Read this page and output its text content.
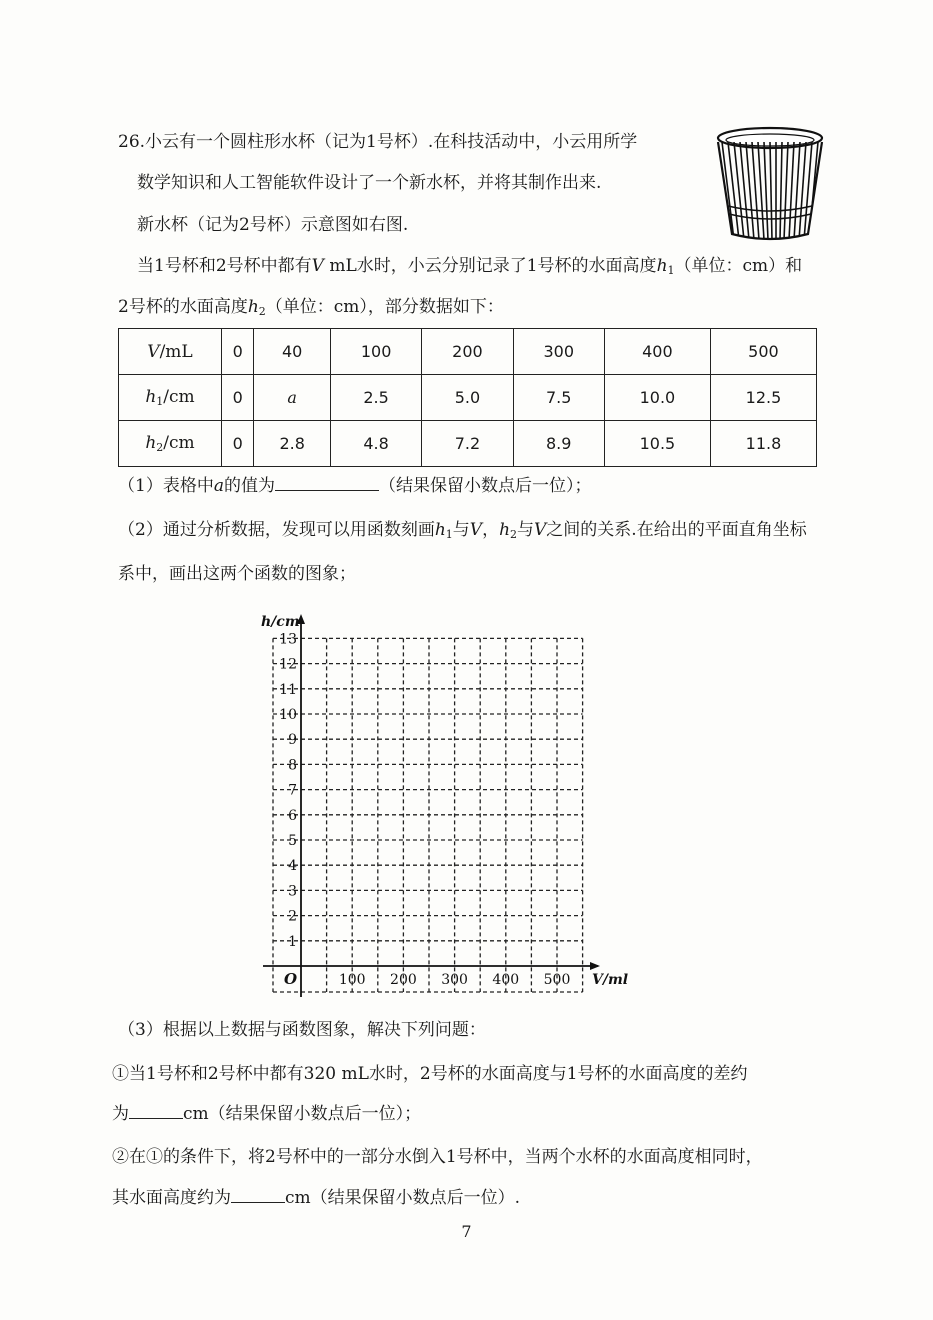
26.小云有一个圆柱形水杯（记为1号杯）.在科技活动中，小云用所学
数学知识和人工智能软件设计了一个新水杯，并将其制作出来.
新水杯（记为2号杯）示意图如右图.
当1号杯和2号杯中都有V mL水时，小云分别记录了1号杯的水面高度$h_1$（单位：cm）和
2号杯的水面高度$h_2$（单位：cm），部分数据如下：
V/mL	0	40	100	200	300	400	500
$h_1/cm$	0	a	2.5	5.0	7.5	10.0	12.5
$h_2/cm$	0	2.8	4.8	7.2	8.9	10.5	11.8
（1）表格中a的值为	（结果保留小数点后一位）；
（2）通过分析数据，发现可以用函数刻画$h_1$与V，$h_2$与V之间的关系.在给出的平面直角坐标
系中，画出这两个函数的图象；
1
2
3
4
5
6
7
8
9
10
11
12
13
100 200 300 400 500
h/cm
V/ml
O
（3）根据以上数据与函数图象，解决下列问题：
①当1号杯和2号杯中都有320 mL水时，2号杯的水面高度与1号杯的水面高度的差约
为	cm（结果保留小数点后一位）；
②在①的条件下，将2号杯中的一部分水倒入1号杯中，当两个水杯的水面高度相同时，
其水面高度约为	cm（结果保留小数点后一位）.
7
